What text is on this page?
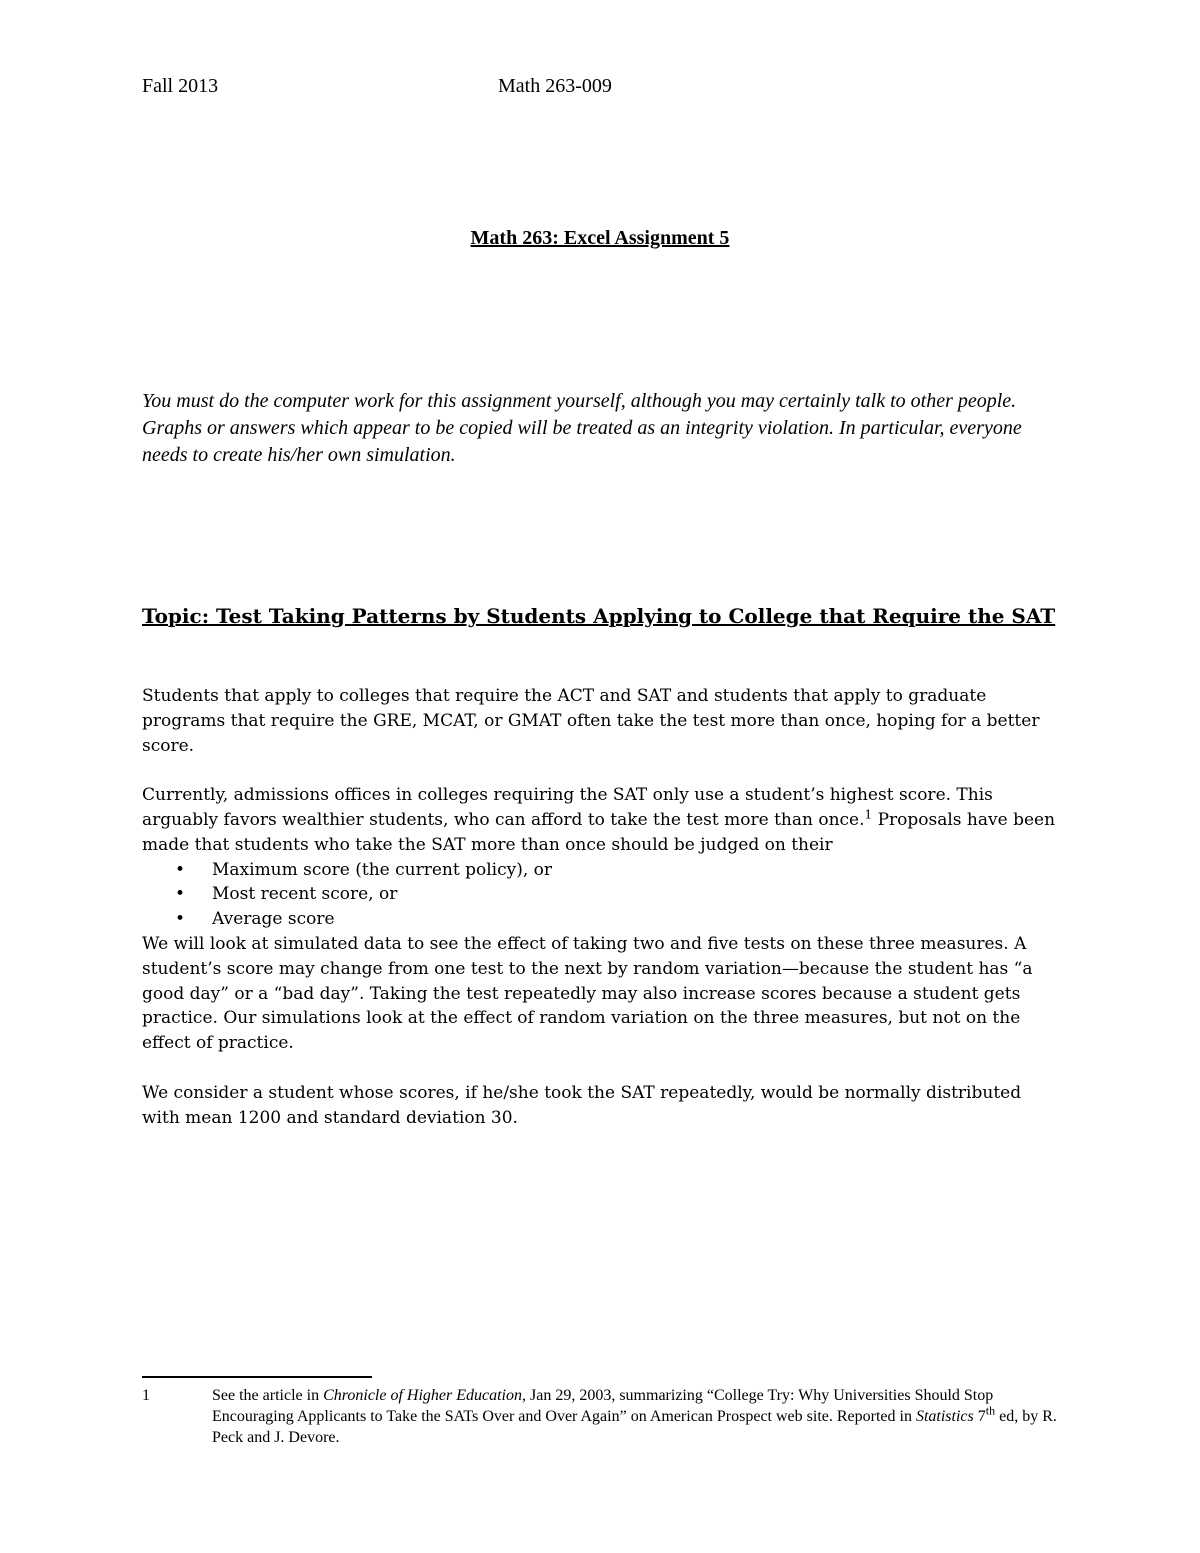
Fall 2013	Math 263-009
Math 263: Excel Assignment 5
You must do the computer work for this assignment yourself, although you may certainly talk to other people. Graphs or answers which appear to be copied will be treated as an integrity violation. In particular, everyone needs to create his/her own simulation.
Topic: Test Taking Patterns by Students Applying to College that Require the SAT

Students that apply to colleges that require the ACT and SAT and students that apply to graduate programs that require the GRE, MCAT, or GMAT often take the test more than once, hoping for a better score.

Currently, admissions offices in colleges requiring the SAT only use a student’s highest score. This arguably favors wealthier students, who can afford to take the test more than once.$^1$ Proposals have been made that students who take the SAT more than once should be judged on their

• Maximum score (the current policy), or
• Most recent score, or
• Average score

We will look at simulated data to see the effect of taking two and five tests on these three measures. A student’s score may change from one test to the next by random variation—because the student has “a good day” or a “bad day”. Taking the test repeatedly may also increase scores because a student gets practice. Our simulations look at the effect of random variation on the three measures, but not on the effect of practice.

We consider a student whose scores, if he/she took the SAT repeatedly, would be normally distributed with mean 1200 and standard deviation 30.

1	See the article in Chronicle of Higher Education, Jan 29, 2003, summarizing “College Try: Why Universities Should Stop Encouraging Applicants to Take the SATs Over and Over Again” on American Prospect web site. Reported in Statistics 7th ed, by R. Peck and J. Devore.
